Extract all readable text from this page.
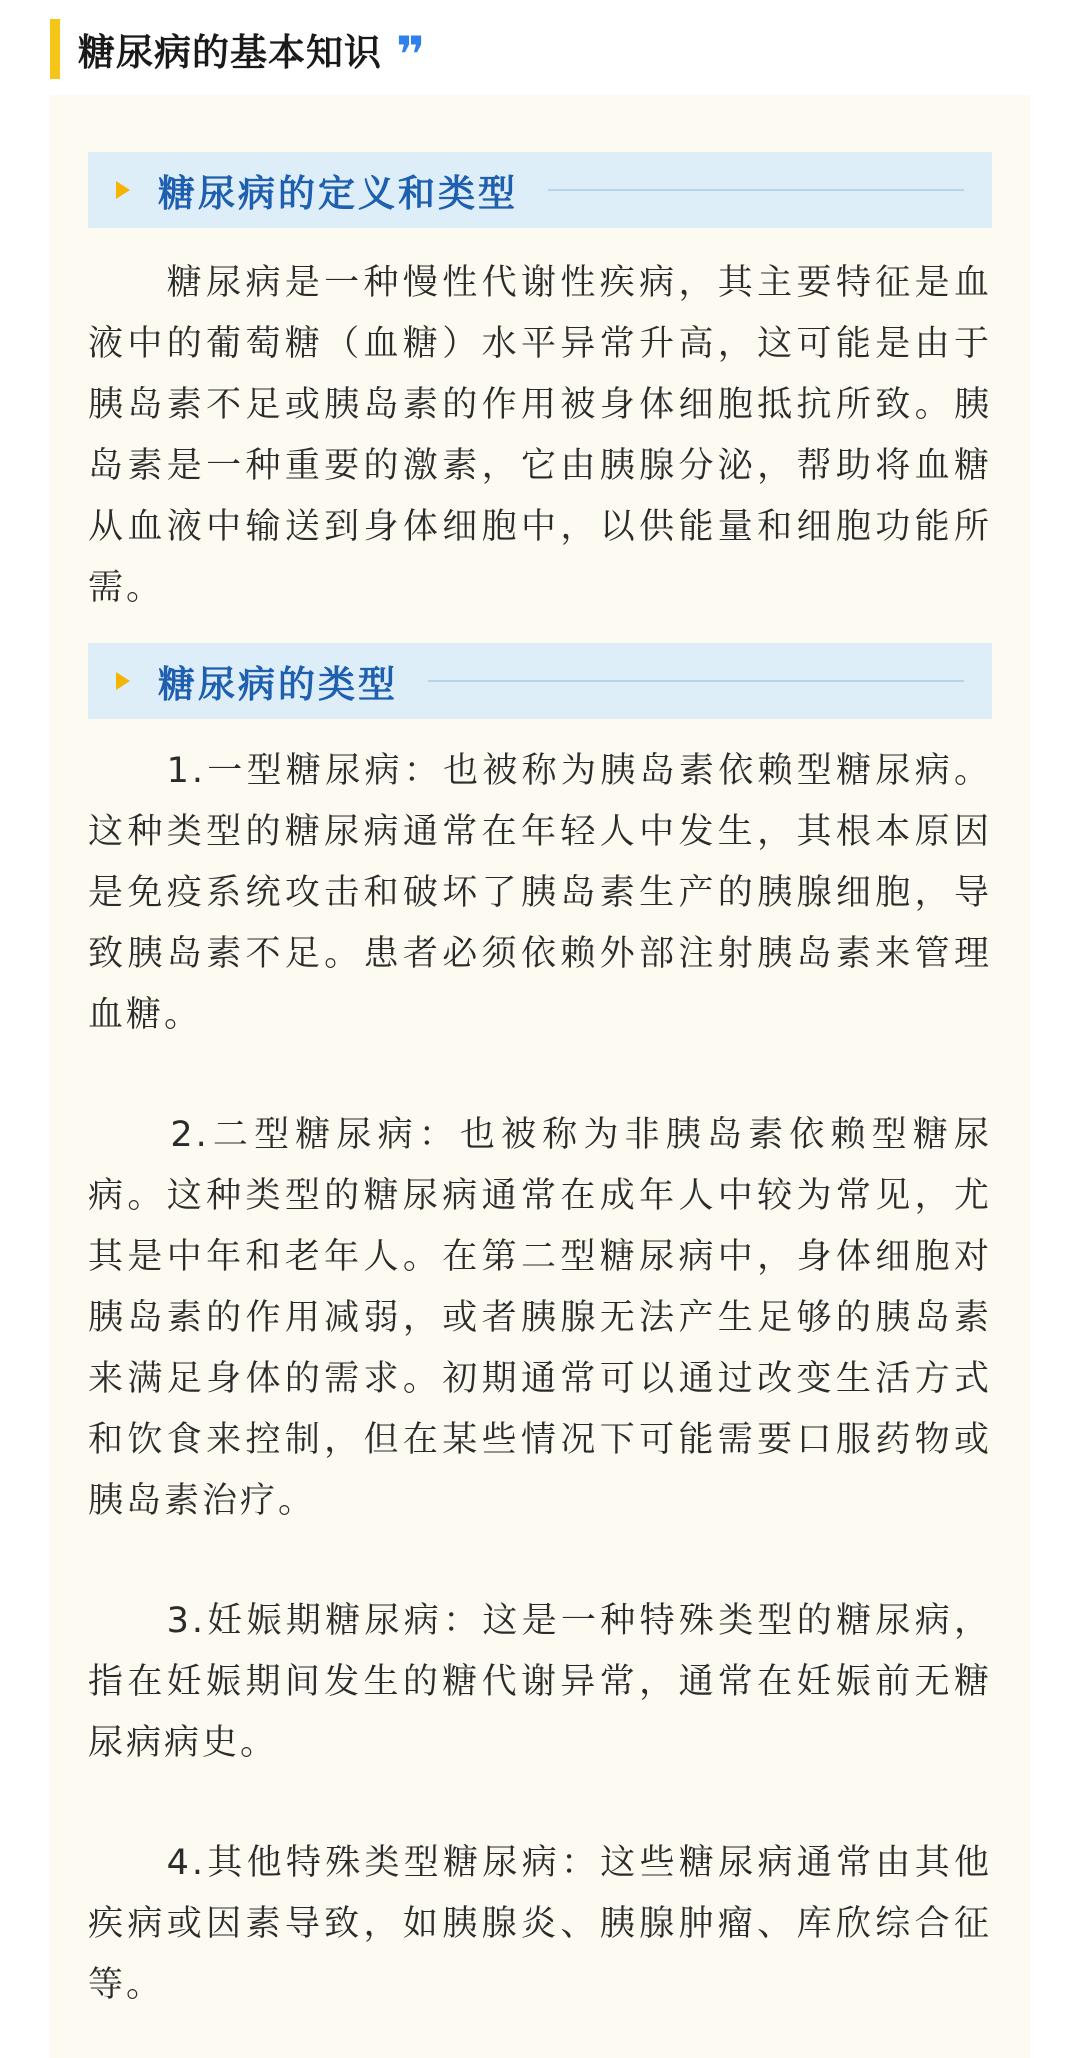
糖尿病的基本知识 ❞
糖尿病的定义和类型

　　糖尿病是一种慢性代谢性疾病，其主要特征是血液中的葡萄糖（血糖）水平异常升高，这可能是由于胰岛素不足或胰岛素的作用被身体细胞抵抗所致。胰岛素是一种重要的激素，它由胰腺分泌，帮助将血糖从血液中输送到身体细胞中，以供能量和细胞功能所需。

糖尿病的类型

　　1.一型糖尿病：也被称为胰岛素依赖型糖尿病。这种类型的糖尿病通常在年轻人中发生，其根本原因是免疫系统攻击和破坏了胰岛素生产的胰腺细胞，导致胰岛素不足。患者必须依赖外部注射胰岛素来管理血糖。

　　2.二型糖尿病：也被称为非胰岛素依赖型糖尿病。这种类型的糖尿病通常在成年人中较为常见，尤其是中年和老年人。在第二型糖尿病中，身体细胞对胰岛素的作用减弱，或者胰腺无法产生足够的胰岛素来满足身体的需求。初期通常可以通过改变生活方式和饮食来控制，但在某些情况下可能需要口服药物或胰岛素治疗。

　　3.妊娠期糖尿病：这是一种特殊类型的糖尿病，指在妊娠期间发生的糖代谢异常，通常在妊娠前无糖尿病病史。

　　4.其他特殊类型糖尿病：这些糖尿病通常由其他疾病或因素导致，如胰腺炎、胰腺肿瘤、库欣综合征等。
